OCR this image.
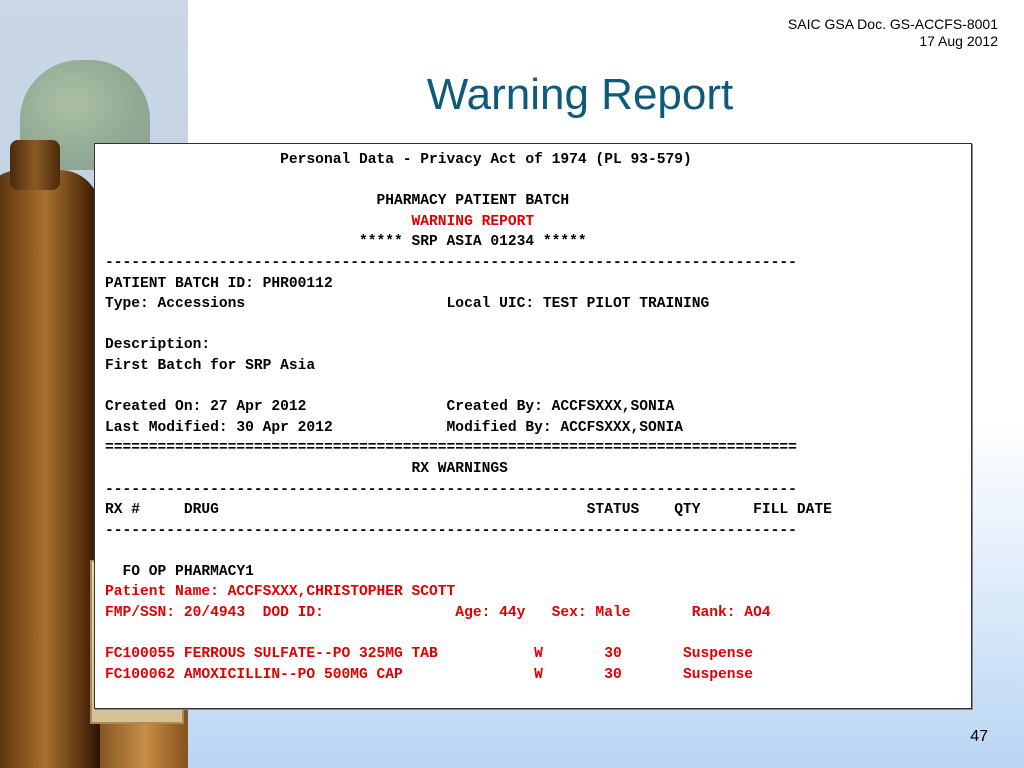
SAIC GSA Doc. GS-ACCFS-8001
17 Aug 2012
Warning Report
Personal Data - Privacy Act of 1974 (PL 93-579)

PHARMACY PATIENT BATCH
WARNING REPORT
***** SRP ASIA 01234 *****
-------------------------------------------------------------------------------
PATIENT BATCH ID: PHR00112
Type: Accessions                       Local UIC: TEST PILOT TRAINING

Description:
First Batch for SRP Asia

Created On: 27 Apr 2012                Created By: ACCFSXXX,SONIA
Last Modified: 30 Apr 2012             Modified By: ACCFSXXX,SONIA
===============================================================================
RX WARNINGS
-------------------------------------------------------------------------------
RX #     DRUG                                          STATUS    QTY      FILL DATE
-------------------------------------------------------------------------------

FO OP PHARMACY1
Patient Name: ACCFSXXX,CHRISTOPHER SCOTT
FMP/SSN: 20/4943  DOD ID:               Age: 44y   Sex: Male       Rank: AO4

FC100055 FERROUS SULFATE--PO 325MG TAB           W       30       Suspense
FC100062 AMOXICILLIN--PO 500MG CAP               W       30       Suspense
47
